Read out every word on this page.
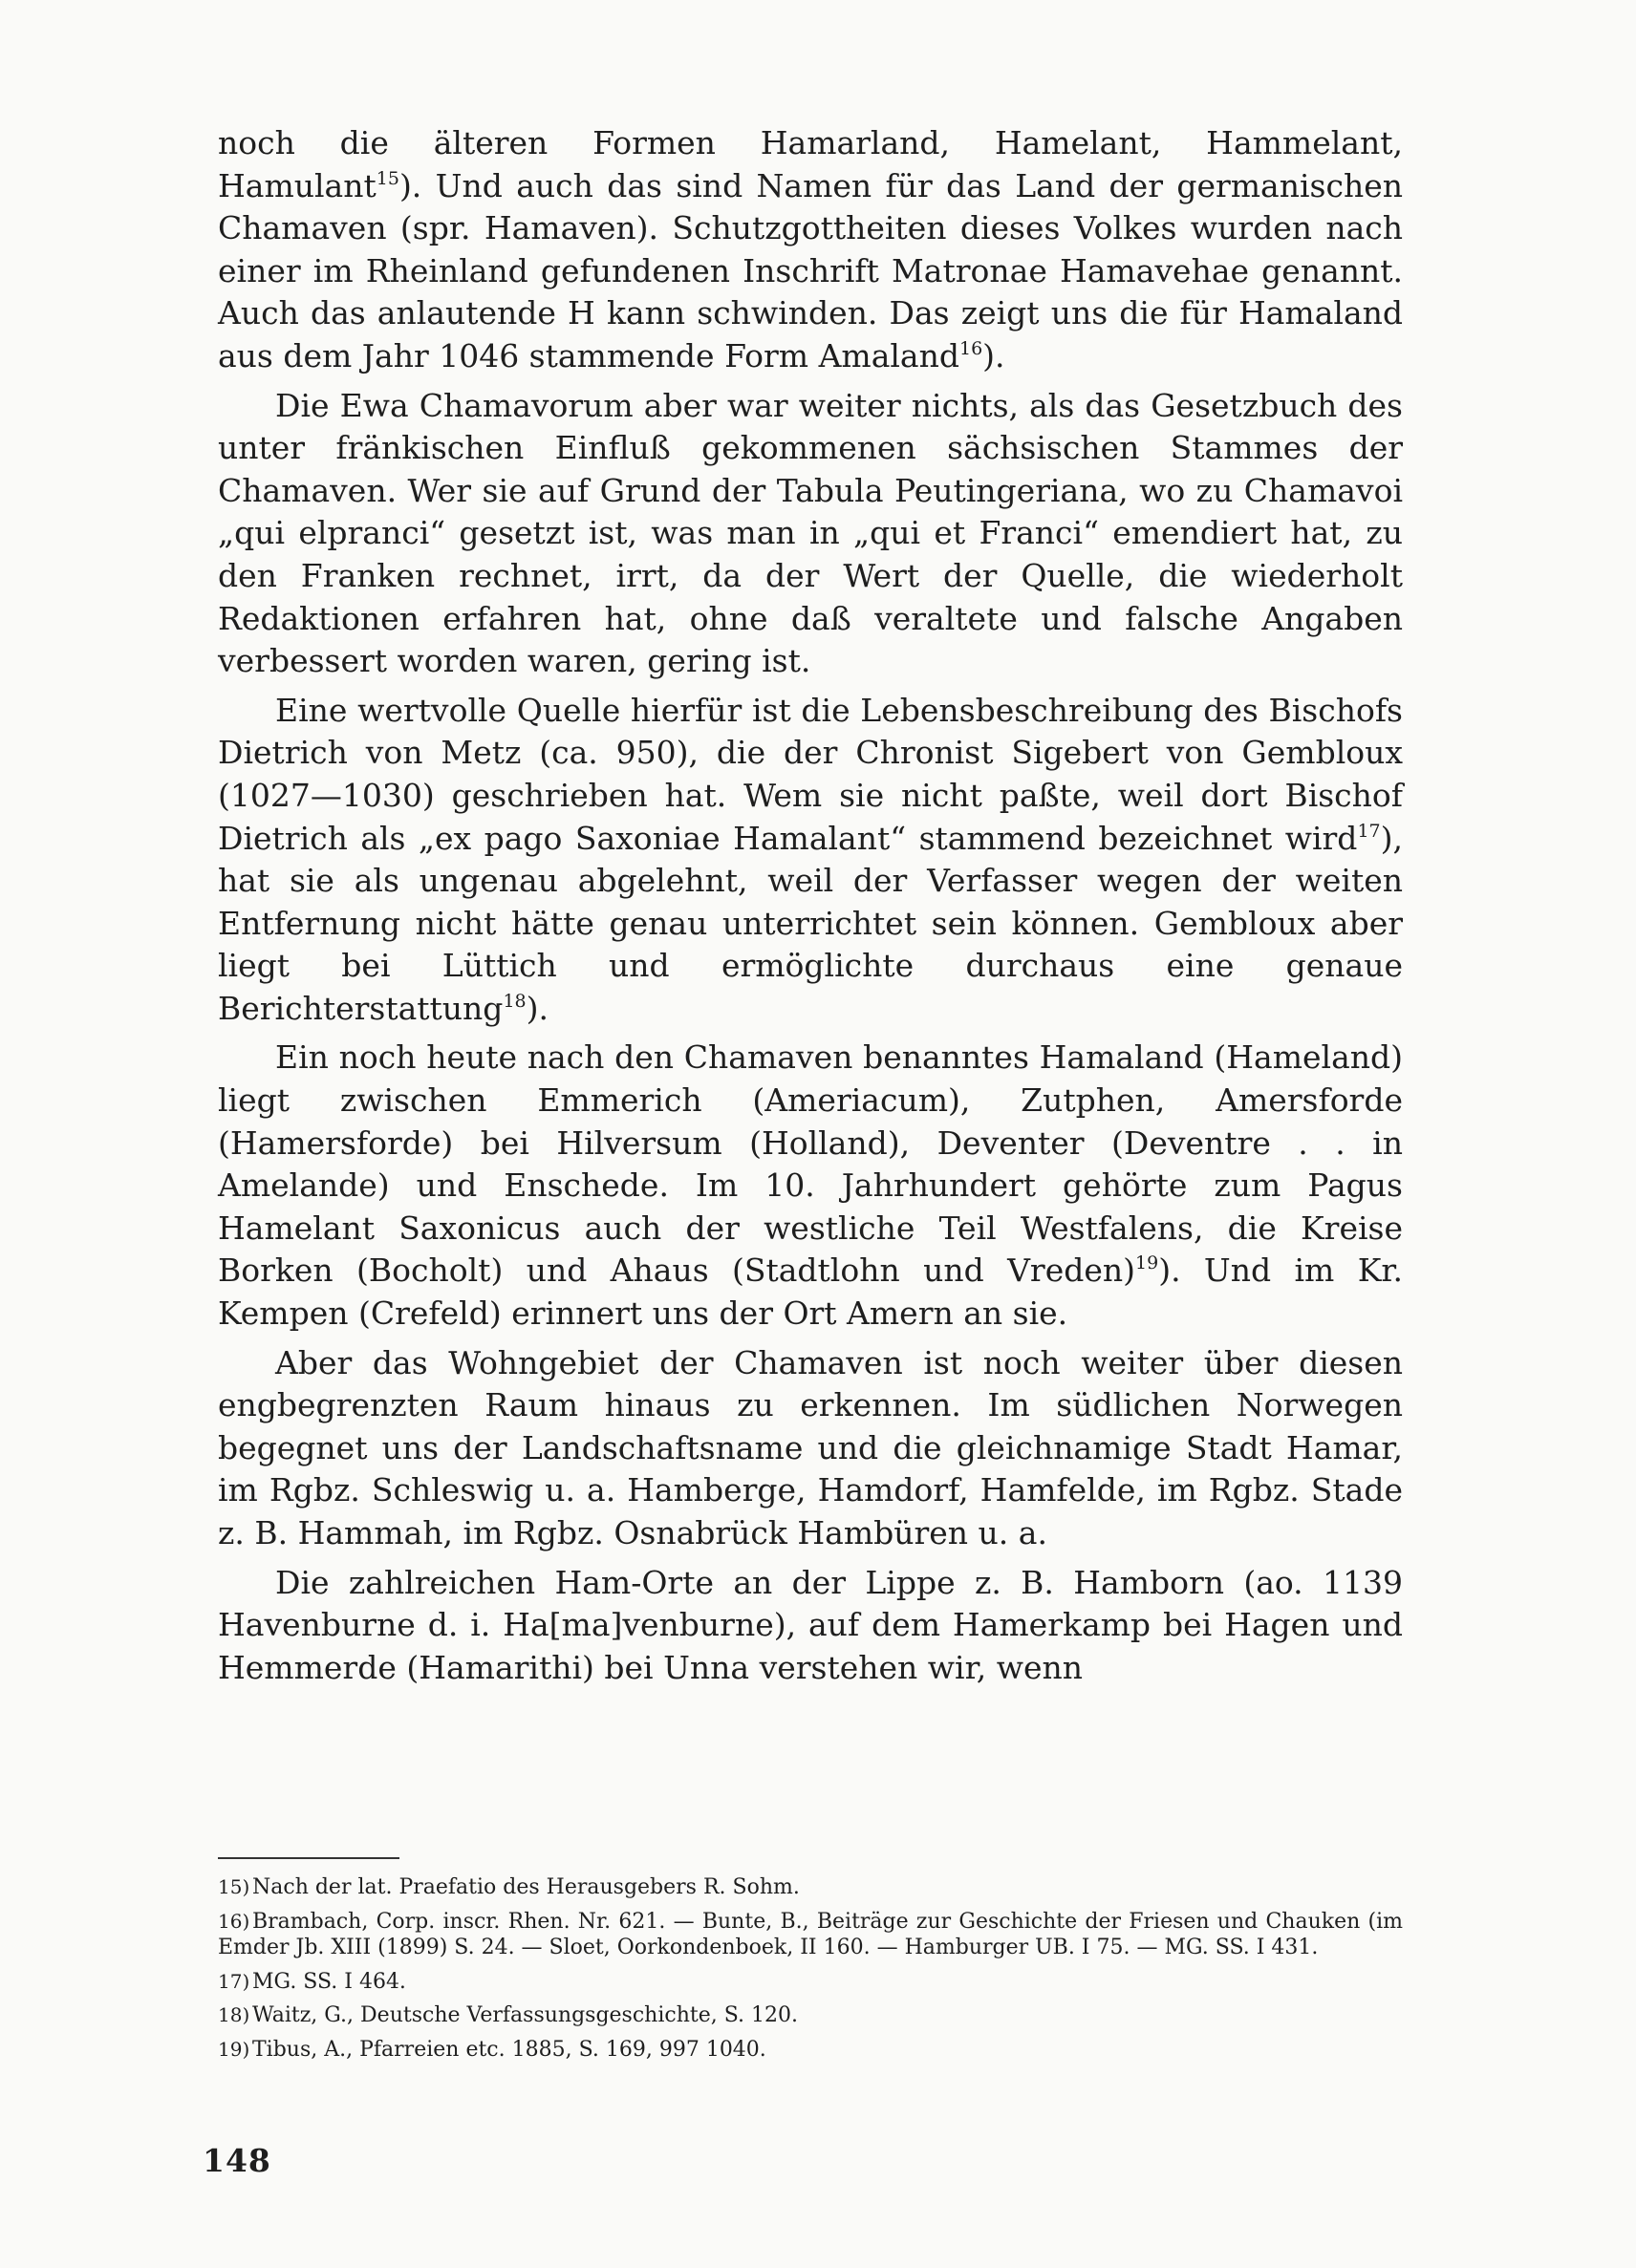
noch die älteren Formen Hamarland, Hamelant, Hammelant, Hamulant$^{15}$). Und auch das sind Namen für das Land der germanischen Chamaven (spr. Hamaven). Schutzgottheiten dieses Volkes wurden nach einer im Rheinland gefundenen Inschrift Matronae Hamavehae genannt. Auch das anlautende H kann schwinden. Das zeigt uns die für Hamaland aus dem Jahr 1046 stammende Form Amaland$^{16}$).

Die Ewa Chamavorum aber war weiter nichts, als das Gesetzbuch des unter fränkischen Einfluß gekommenen sächsischen Stammes der Chamaven. Wer sie auf Grund der Tabula Peutingeriana, wo zu Chamavoi „qui elpranci“ gesetzt ist, was man in „qui et Franci“ emendiert hat, zu den Franken rechnet, irrt, da der Wert der Quelle, die wiederholt Redaktionen erfahren hat, ohne daß veraltete und falsche Angaben verbessert worden waren, gering ist.

Eine wertvolle Quelle hierfür ist die Lebensbeschreibung des Bischofs Dietrich von Metz (ca. 950), die der Chronist Sigebert von Gembloux (1027—1030) geschrieben hat. Wem sie nicht paßte, weil dort Bischof Dietrich als „ex pago Saxoniae Hamalant“ stammend bezeichnet wird$^{17}$), hat sie als ungenau abgelehnt, weil der Verfasser wegen der weiten Entfernung nicht hätte genau unterrichtet sein können. Gembloux aber liegt bei Lüttich und ermöglichte durchaus eine genaue Berichterstattung$^{18}$).

Ein noch heute nach den Chamaven benanntes Hamaland (Hameland) liegt zwischen Emmerich (Ameriacum), Zutphen, Amersforde (Hamersforde) bei Hilversum (Holland), Deventer (Deventre . . in Amelande) und Enschede. Im 10. Jahrhundert gehörte zum Pagus Hamelant Saxonicus auch der westliche Teil Westfalens, die Kreise Borken (Bocholt) und Ahaus (Stadtlohn und Vreden)$^{19}$). Und im Kr. Kempen (Crefeld) erinnert uns der Ort Amern an sie.

Aber das Wohngebiet der Chamaven ist noch weiter über diesen engbegrenzten Raum hinaus zu erkennen. Im südlichen Norwegen begegnet uns der Landschaftsname und die gleichnamige Stadt Hamar, im Rgbz. Schleswig u. a. Hamberge, Hamdorf, Hamfelde, im Rgbz. Stade z. B. Hammah, im Rgbz. Osnabrück Hambüren u. a.

Die zahlreichen Ham-Orte an der Lippe z. B. Hamborn (ao. 1139 Havenburne d. i. Ha[ma]venburne), auf dem Hamerkamp bei Hagen und Hemmerde (Hamarithi) bei Unna verstehen wir, wenn

15) Nach der lat. Praefatio des Herausgebers R. Sohm.
16) Brambach, Corp. inscr. Rhen. Nr. 621. — Bunte, B., Beiträge zur Geschichte der Friesen und Chauken (im Emder Jb. XIII (1899) S. 24. — Sloet, Oorkondenboek, II 160. — Hamburger UB. I 75. — MG. SS. I 431.
17) MG. SS. I 464.
18) Waitz, G., Deutsche Verfassungsgeschichte, S. 120.
19) Tibus, A., Pfarreien etc. 1885, S. 169, 997 1040.
148
